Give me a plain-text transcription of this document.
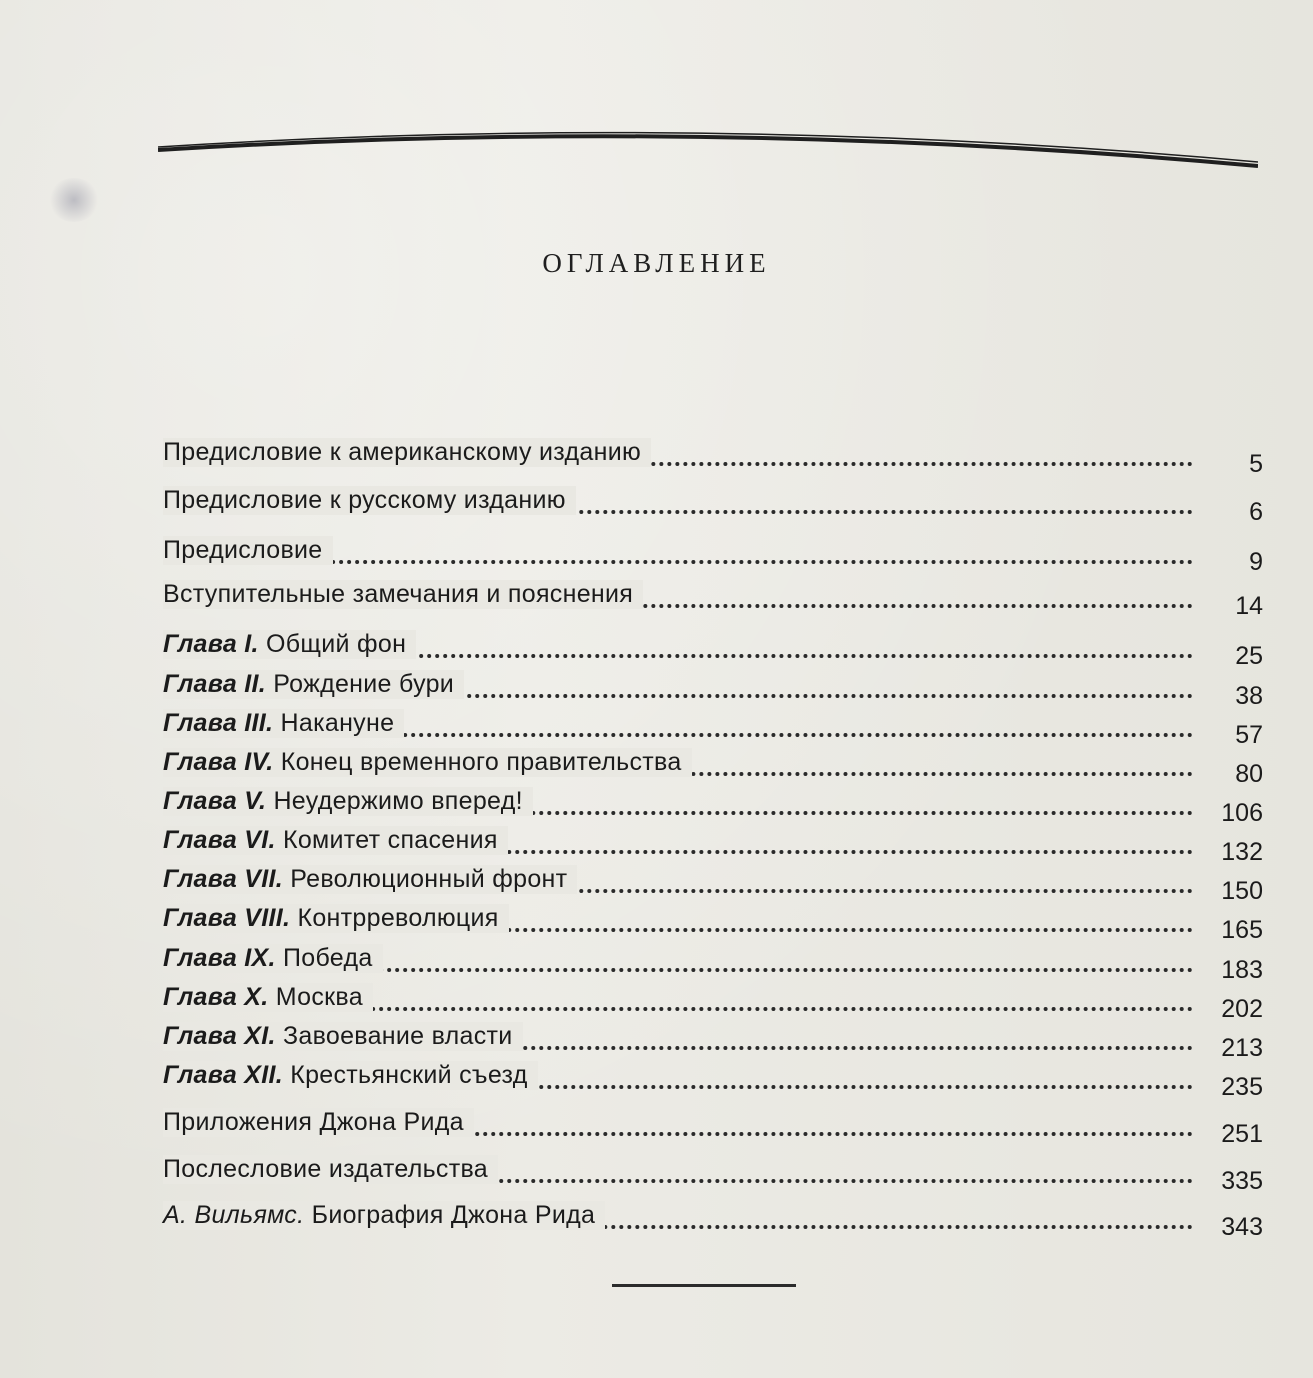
ОГЛАВЛЕНИЕ
Предисловие к американскому изданию	5
Предисловие к русскому изданию	6
Предисловие	9
Вступительные замечания и пояснения	14
Глава I. Общий фон	25
Глава II. Рождение бури	38
Глава III. Накануне	57
Глава IV. Конец временного правительства	80
Глава V. Неудержимо вперед!	106
Глава VI. Комитет спасения	132
Глава VII. Революционный фронт	150
Глава VIII. Контрреволюция	165
Глава IX. Победа	183
Глава X. Москва	202
Глава XI. Завоевание власти	213
Глава XII. Крестьянский съезд	235
Приложения Джона Рида	251
Послесловие издательства	335
А. Вильямс. Биография Джона Рида	343
